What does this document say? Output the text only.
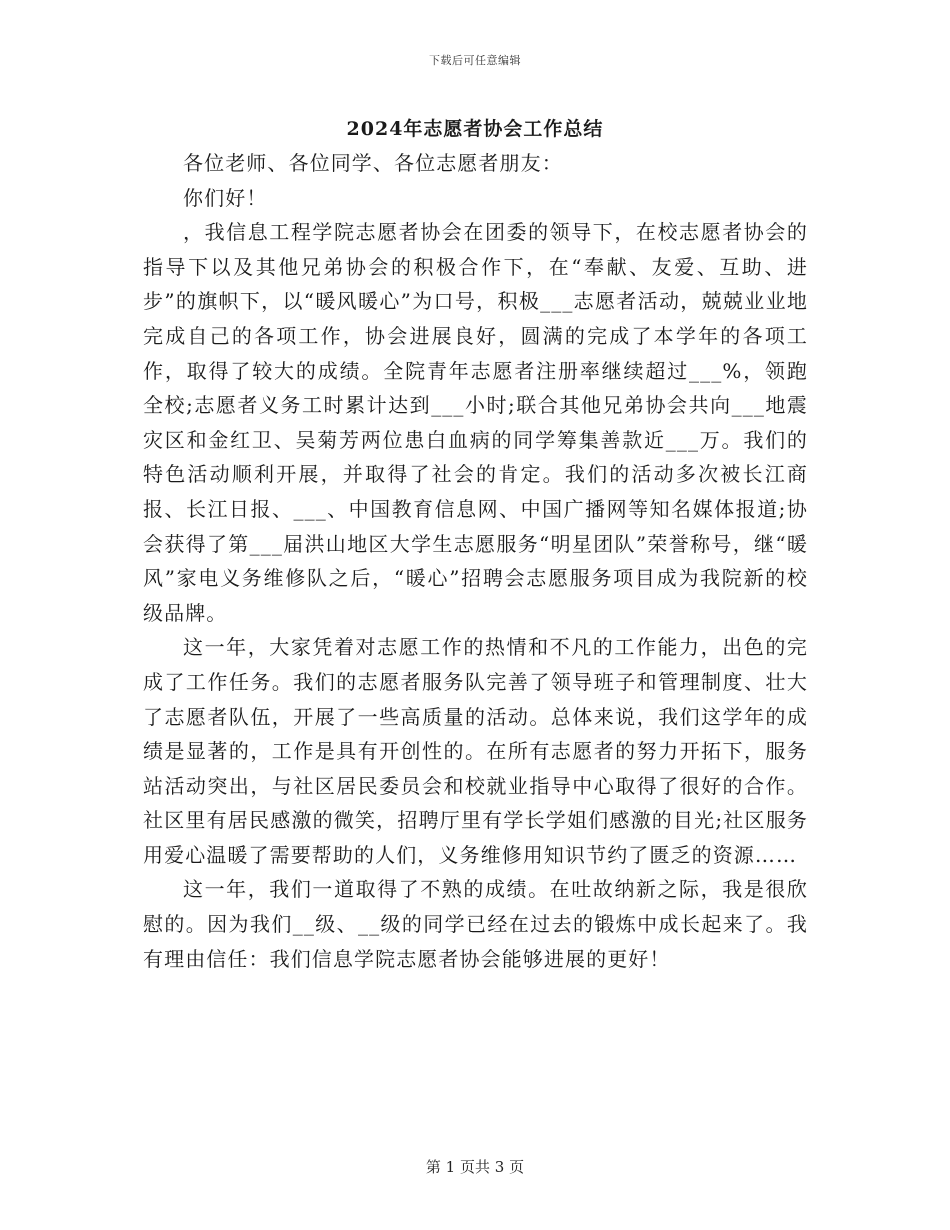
下载后可任意编辑
2024年志愿者协会工作总结

各位老师、各位同学、各位志愿者朋友：

你们好！

，我信息工程学院志愿者协会在团委的领导下，在校志愿者协会的指导下以及其他兄弟协会的积极合作下，在“奉献、友爱、互助、进步”的旗帜下，以“暖风暖心”为口号，积极___志愿者活动，兢兢业业地完成自己的各项工作，协会进展良好，圆满的完成了本学年的各项工作，取得了较大的成绩。全院青年志愿者注册率继续超过___%，领跑全校;志愿者义务工时累计达到___小时;联合其他兄弟协会共向___地震灾区和金红卫、吴菊芳两位患白血病的同学筹集善款近___万。我们的特色活动顺利开展，并取得了社会的肯定。我们的活动多次被长江商报、长江日报、___、中国教育信息网、中国广播网等知名媒体报道;协会获得了第___届洪山地区大学生志愿服务“明星团队”荣誉称号，继“暖风”家电义务维修队之后，“暖心”招聘会志愿服务项目成为我院新的校级品牌。

这一年，大家凭着对志愿工作的热情和不凡的工作能力，出色的完成了工作任务。我们的志愿者服务队完善了领导班子和管理制度、壮大了志愿者队伍，开展了一些高质量的活动。总体来说，我们这学年的成绩是显著的，工作是具有开创性的。在所有志愿者的努力开拓下，服务站活动突出，与社区居民委员会和校就业指导中心取得了很好的合作。社区里有居民感激的微笑，招聘厅里有学长学姐们感激的目光;社区服务用爱心温暖了需要帮助的人们，义务维修用知识节约了匮乏的资源……

这一年，我们一道取得了不熟的成绩。在吐故纳新之际，我是很欣慰的。因为我们__级、__级的同学已经在过去的锻炼中成长起来了。我有理由信任：我们信息学院志愿者协会能够进展的更好！

第 1 页共 3 页
